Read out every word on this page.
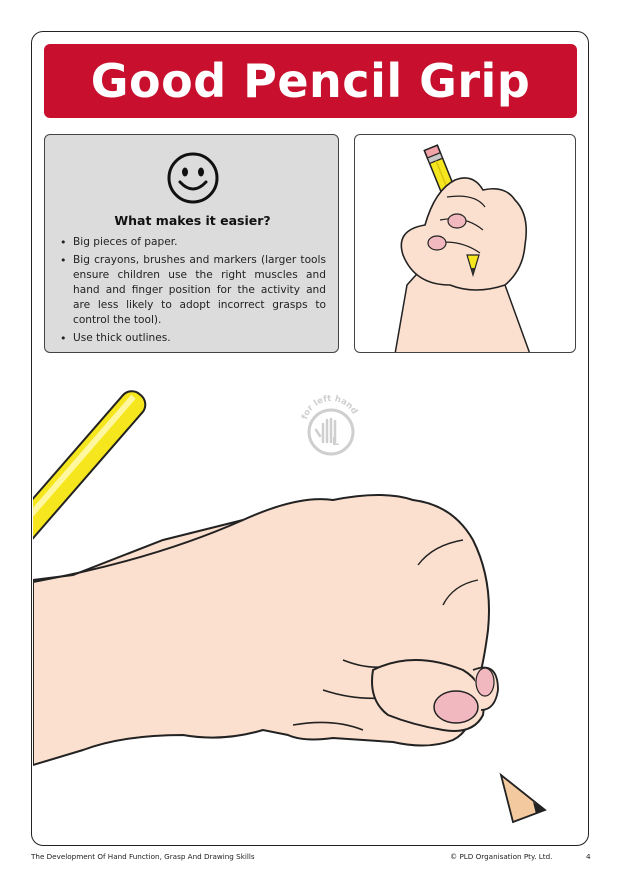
Good Pencil Grip
What makes it easier?
• Big pieces of paper.
• Big crayons, brushes and markers (larger tools ensure children use the right muscles and hand and finger position for the activity and are less likely to adopt incorrect grasps to control the tool).
• Use thick outlines.
L
for left hand
The Development Of Hand Function, Grasp And Drawing Skills	© PLD Organisation Pty. Ltd.	4
